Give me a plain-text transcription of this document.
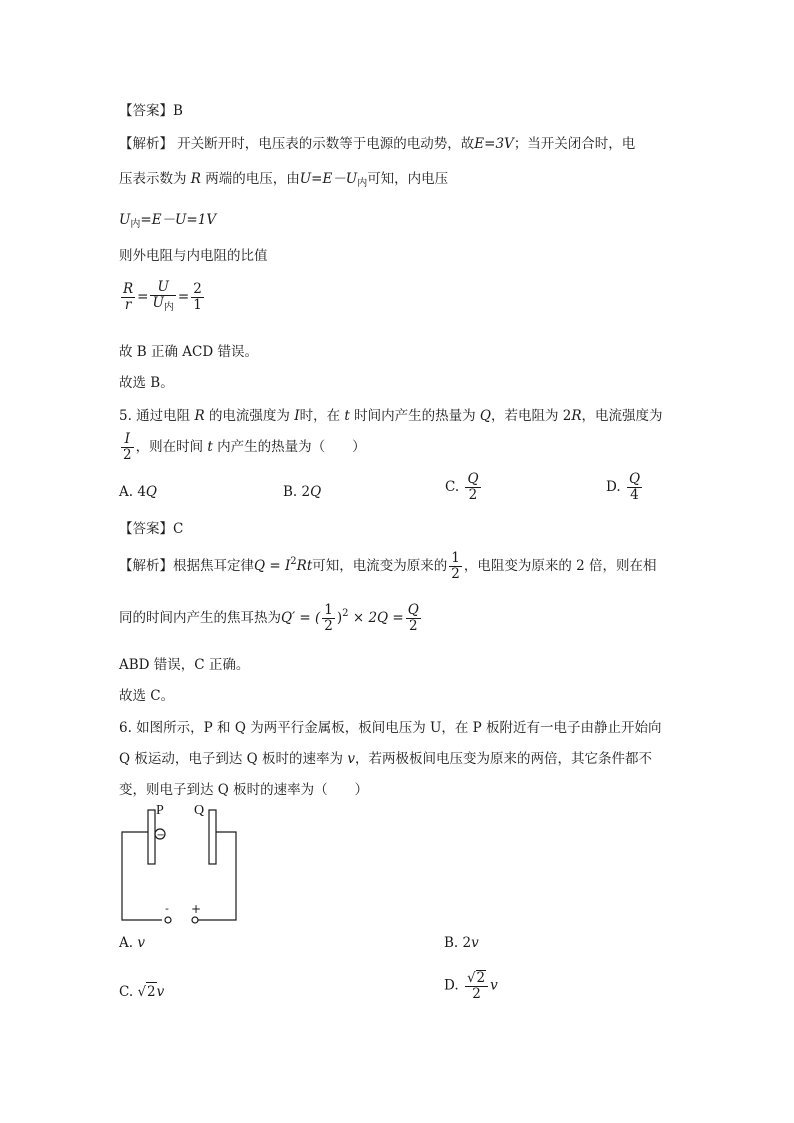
【答案】B
【解析】 开关断开时，电压表的示数等于电源的电动势，故E=3V；当开关闭合时，电
压表示数为 R 两端的电压，由$U=E-U_内$可知，内电压
$U_内=E-U=1V$
则外电阻与内电阻的比值
$\frac{R}{r} = \frac{U}{U_内} = \frac{2}{1}$
故 B 正确 ACD 错误。
故选 B。
5. 通过电阻 R 的电流强度为 I时，在 t 时间内产生的热量为 Q，若电阻为 2R，电流强度为
$\frac{I}{2}$ ，则在时间 t 内产生的热量为（　　）
A. 4Q	B. 2Q	C. $\frac{Q}{2}$	D. $\frac{Q}{4}$
【答案】C
【解析】根据焦耳定律$Q = I^2Rt$可知，电流变为原来的 $\frac{1}{2}$ ，电阻变为原来的 2 倍，则在相
同的时间内产生的焦耳热为Q′ = ( $\frac{1}{2} )^2 \times 2Q = \frac{Q}{2}$
ABD 错误，C 正确。
故选 C。
6. 如图所示，P 和 Q 为两平行金属板，板间电压为 U，在 P 板附近有一电子由静止开始向
Q 板运动，电子到达 Q 板时的速率为 v，若两极板间电压变为原来的两倍，其它条件都不
变，则电子到达 Q 板时的速率为（　　）
P Q
−
- +
A. v	B. 2v
C. √2v	D. $\frac{√2}{2}$ v
